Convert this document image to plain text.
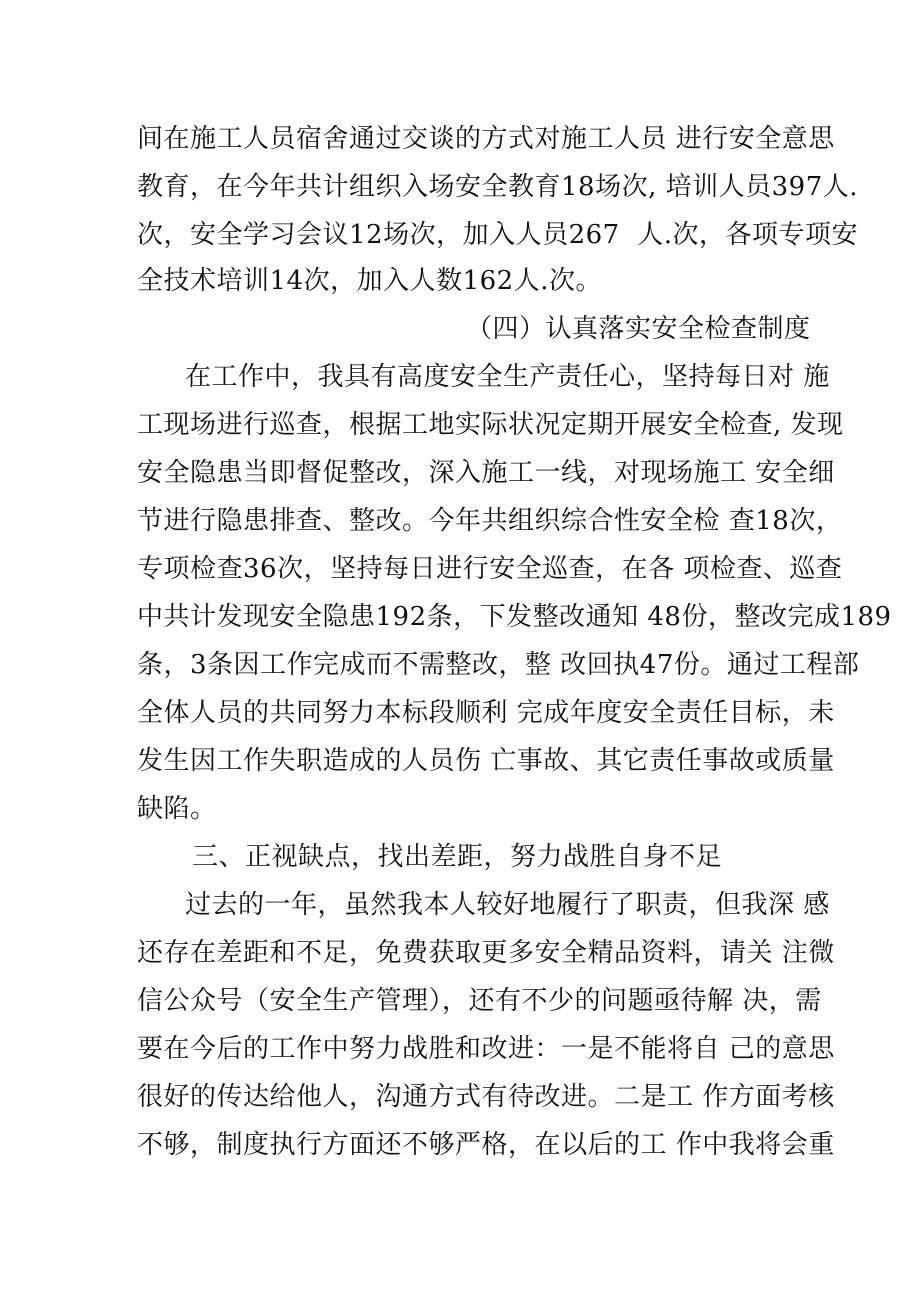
间在施工人员宿舍通过交谈的方式对施工人员 进行安全意思
教育，在今年共计组织入场安全教育18场次, 培训人员397人.
次，安全学习会议12场次，加入人员267  人.次，各项专项安
全技术培训14次，加入人数162人.次。
（四）认真落实安全检查制度
在工作中，我具有高度安全生产责任心，坚持每日对 施
工现场进行巡查，根据工地实际状况定期开展安全检查, 发现
安全隐患当即督促整改，深入施工一线，对现场施工 安全细
节进行隐患排查、整改。今年共组织综合性安全检 查18次，
专项检查36次，坚持每日进行安全巡查，在各 项检查、巡查
中共计发现安全隐患192条，下发整改通知 48份，整改完成189
条，3条因工作完成而不需整改，整 改回执47份。通过工程部
全体人员的共同努力本标段顺利 完成年度安全责任目标，未
发生因工作失职造成的人员伤 亡事故、其它责任事故或质量
缺陷。
三、正视缺点，找出差距，努力战胜自身不足
过去的一年，虽然我本人较好地履行了职责，但我深 感
还存在差距和不足，免费获取更多安全精品资料，请关 注微
信公众号（安全生产管理），还有不少的问题亟待解 决，需
要在今后的工作中努力战胜和改进：一是不能将自 己的意思
很好的传达给他人，沟通方式有待改进。二是工 作方面考核
不够，制度执行方面还不够严格，在以后的工 作中我将会重
